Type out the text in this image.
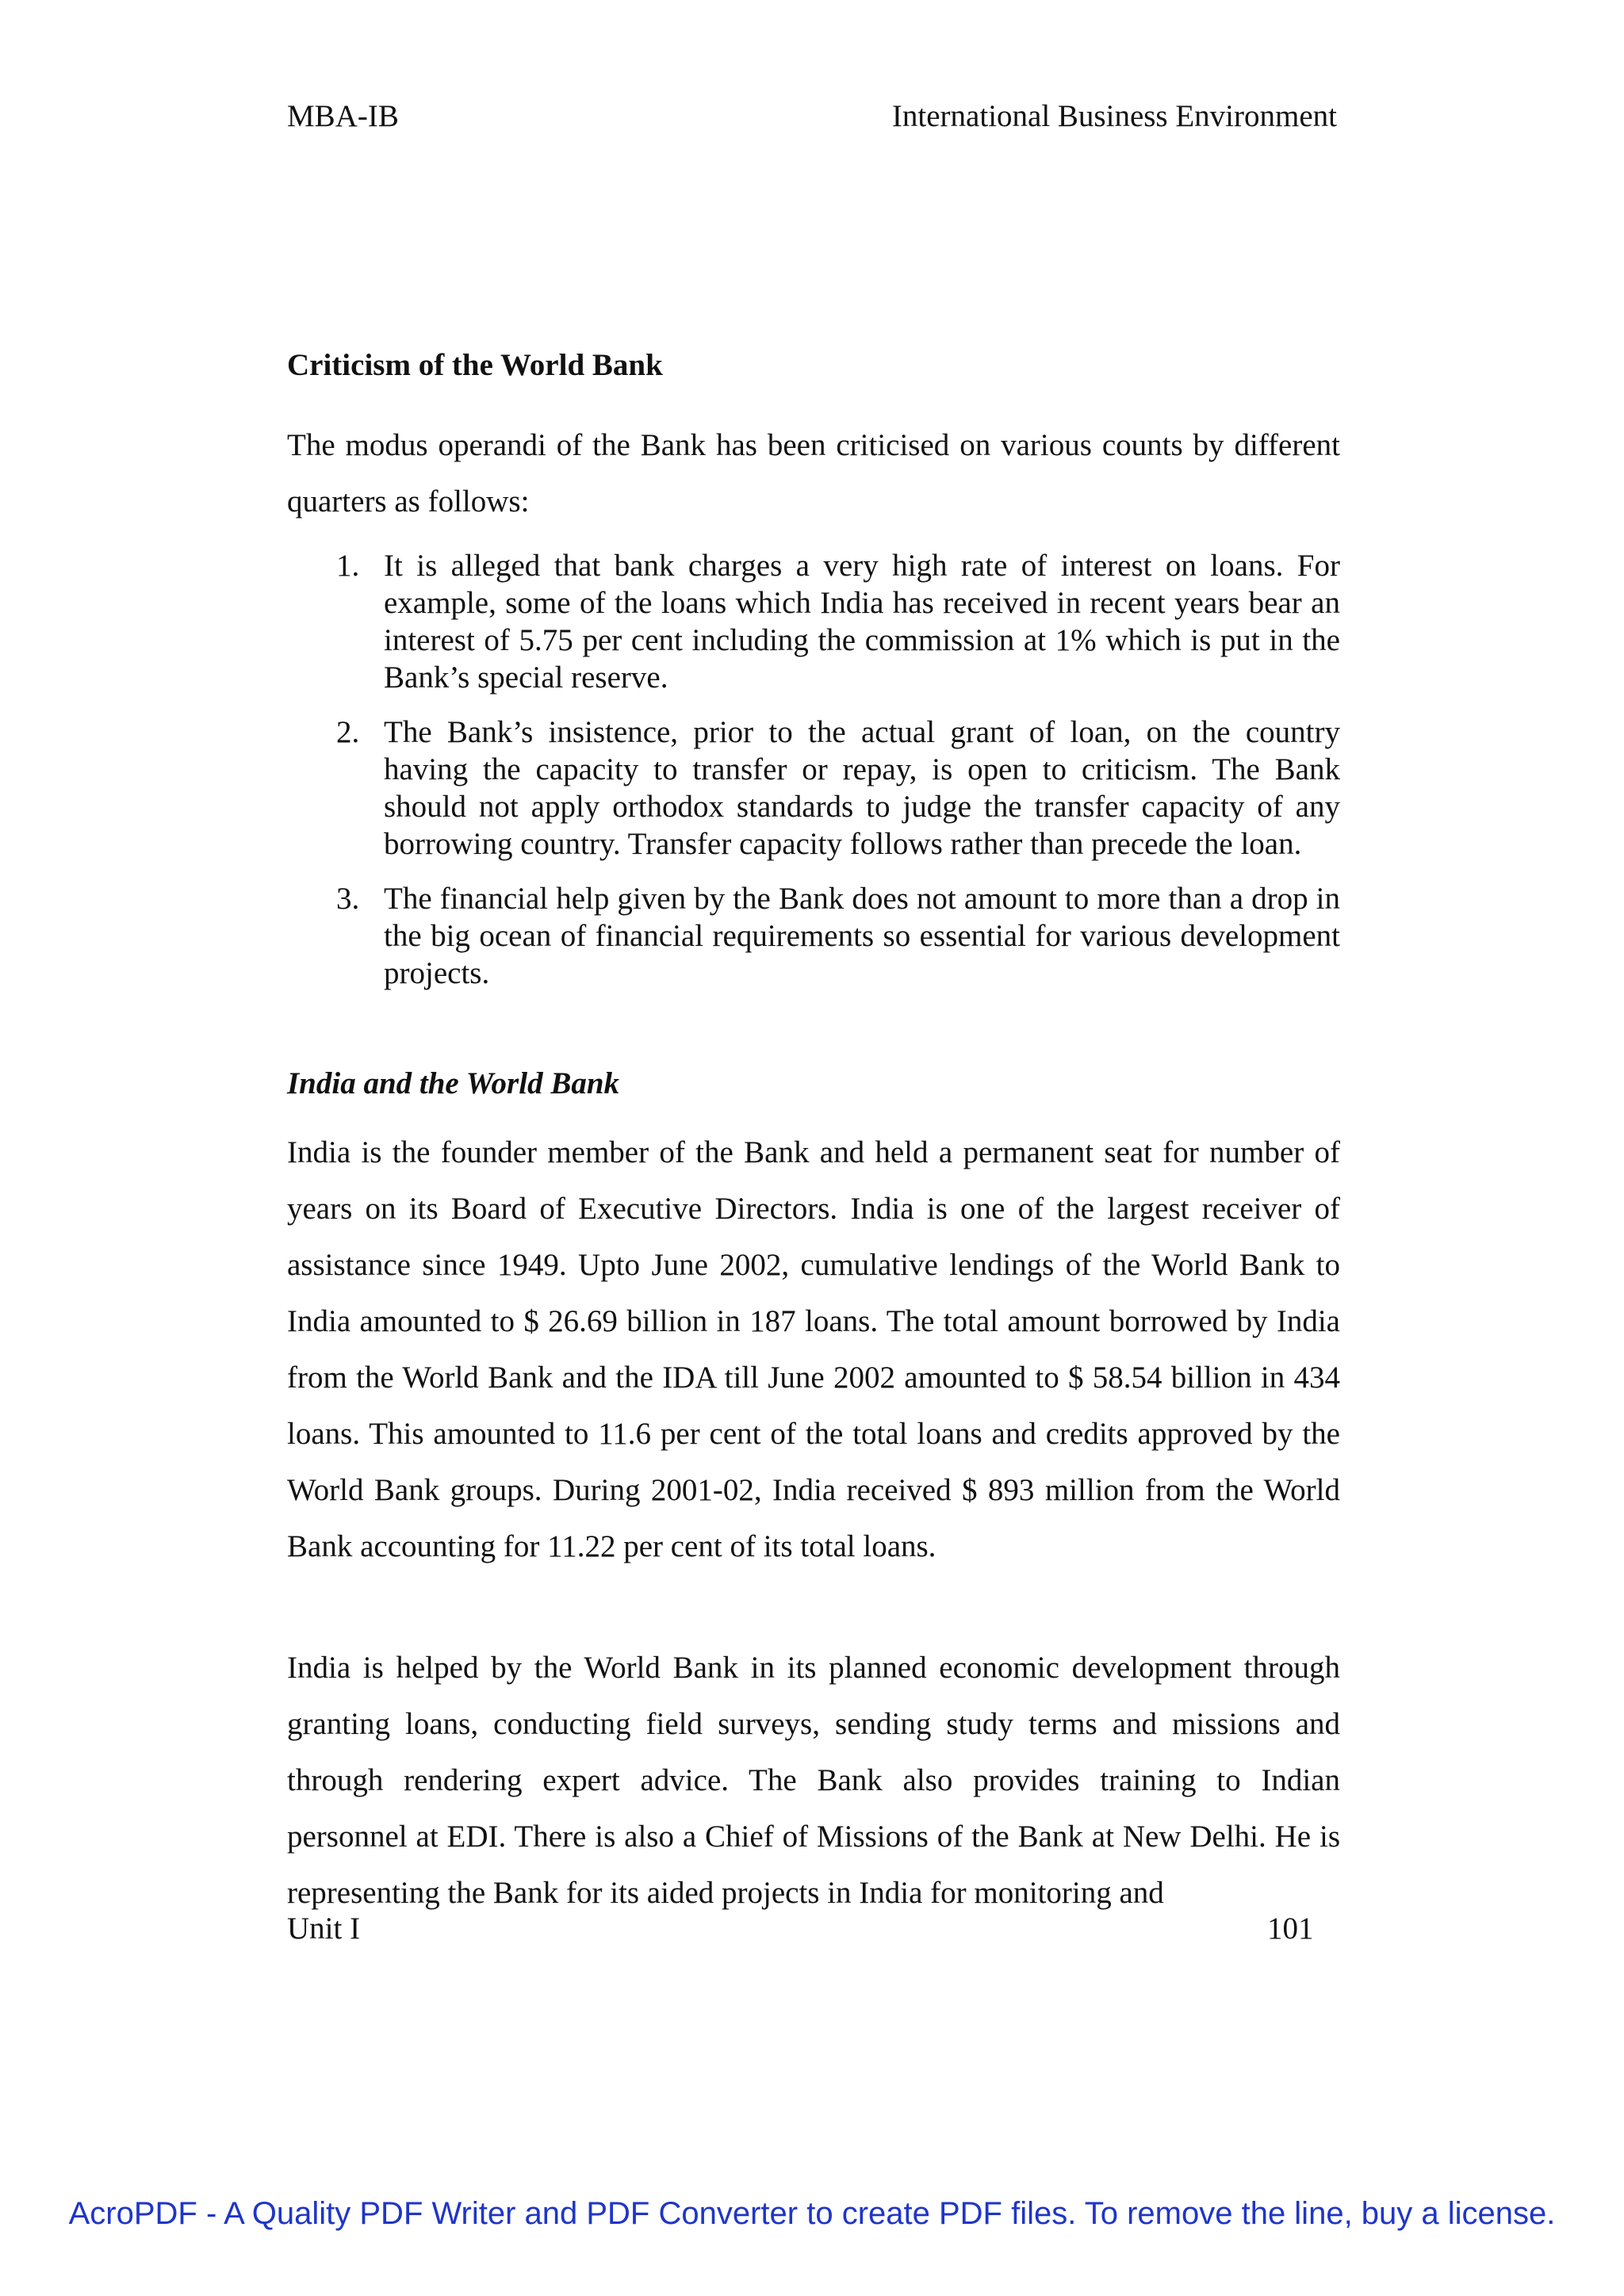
MBA-IB	International Business Environment
Criticism of the World Bank
The modus operandi of the Bank has been criticised on various counts by different quarters as follows:
1. It is alleged that bank charges a very high rate of interest on loans. For example, some of the loans which India has received in recent years bear an interest of 5.75 per cent including the commission at 1% which is put in the Bank’s special reserve.
2. The Bank’s insistence, prior to the actual grant of loan, on the country having the capacity to transfer or repay, is open to criticism. The Bank should not apply orthodox standards to judge the transfer capacity of any borrowing country. Transfer capacity follows rather than precede the loan.
3. The financial help given by the Bank does not amount to more than a drop in the big ocean of financial requirements so essential for various development projects.
India and the World Bank
India is the founder member of the Bank and held a permanent seat for number of years on its Board of Executive Directors. India is one of the largest receiver of assistance since 1949. Upto June 2002, cumulative lendings of the World Bank to India amounted to $ 26.69 billion in 187 loans. The total amount borrowed by India from the World Bank and the IDA till June 2002 amounted to $ 58.54 billion in 434 loans. This amounted to 11.6 per cent of the total loans and credits approved by the World Bank groups. During 2001-02, India received $ 893 million from the World Bank accounting for 11.22 per cent of its total loans.
India is helped by the World Bank in its planned economic development through granting loans, conducting field surveys, sending study terms and missions and through rendering expert advice. The Bank also provides training to Indian personnel at EDI. There is also a Chief of Missions of the Bank at New Delhi. He is representing the Bank for its aided projects in India for monitoring and
Unit I	101
AcroPDF - A Quality PDF Writer and PDF Converter to create PDF files. To remove the line, buy a license.
